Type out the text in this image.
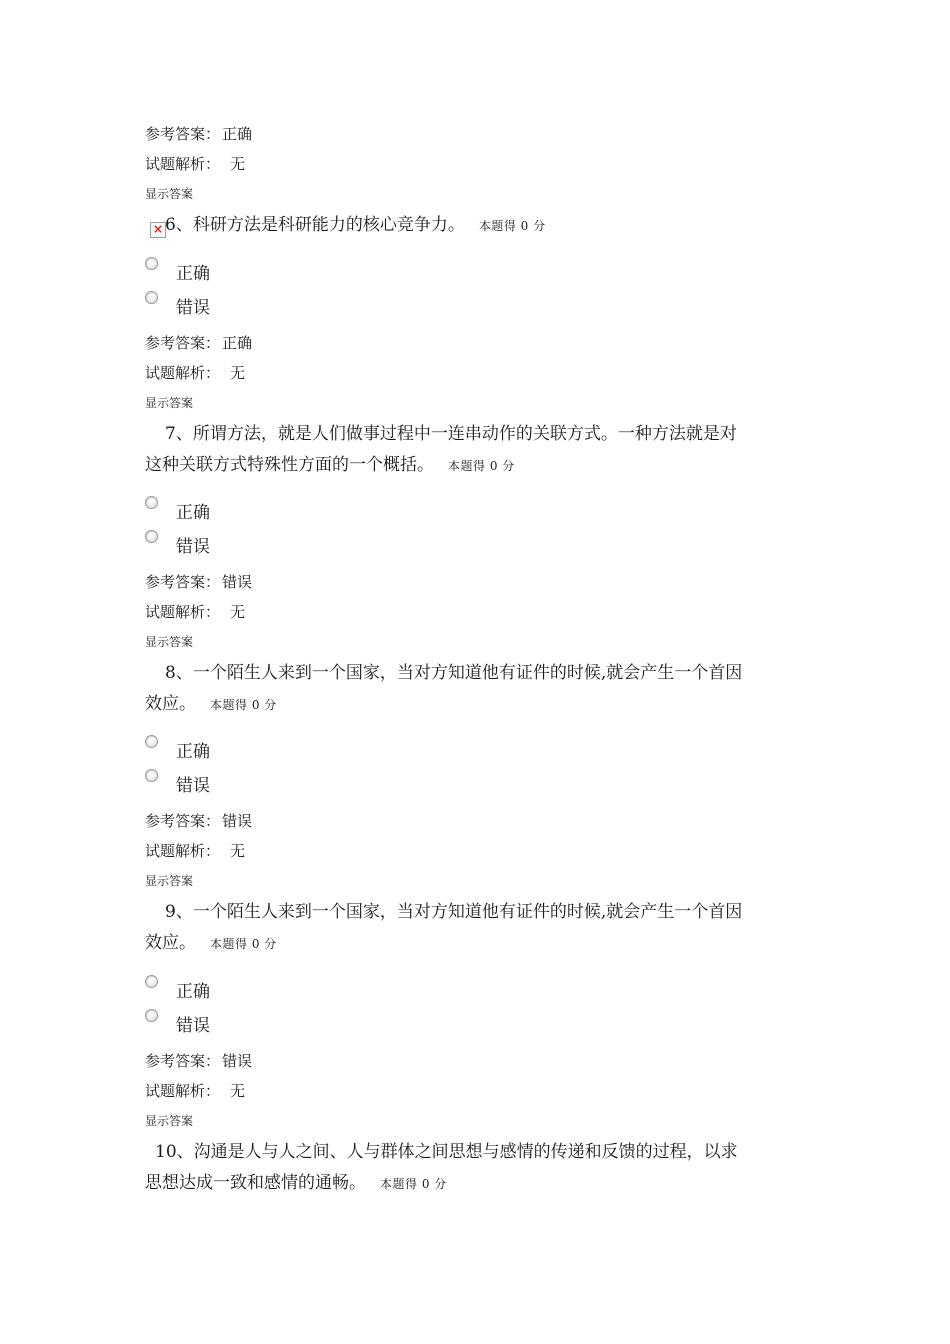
参考答案： 正确
试题解析： 无
显示答案
× 6、科研方法是科研能力的核心竞争力。 本题得 0 分
正确
错误
参考答案： 正确
试题解析： 无
显示答案
7、所谓方法，就是人们做事过程中一连串动作的关联方式。一种方法就是对
这种关联方式特殊性方面的一个概括。 本题得 0 分
正确
错误
参考答案： 错误
试题解析： 无
显示答案
8、一个陌生人来到一个国家，当对方知道他有证件的时候,就会产生一个首因
效应。 本题得 0 分
正确
错误
参考答案： 错误
试题解析： 无
显示答案
9、一个陌生人来到一个国家，当对方知道他有证件的时候,就会产生一个首因
效应。 本题得 0 分
正确
错误
参考答案： 错误
试题解析： 无
显示答案
10、沟通是人与人之间、人与群体之间思想与感情的传递和反馈的过程，以求
思想达成一致和感情的通畅。 本题得 0 分
